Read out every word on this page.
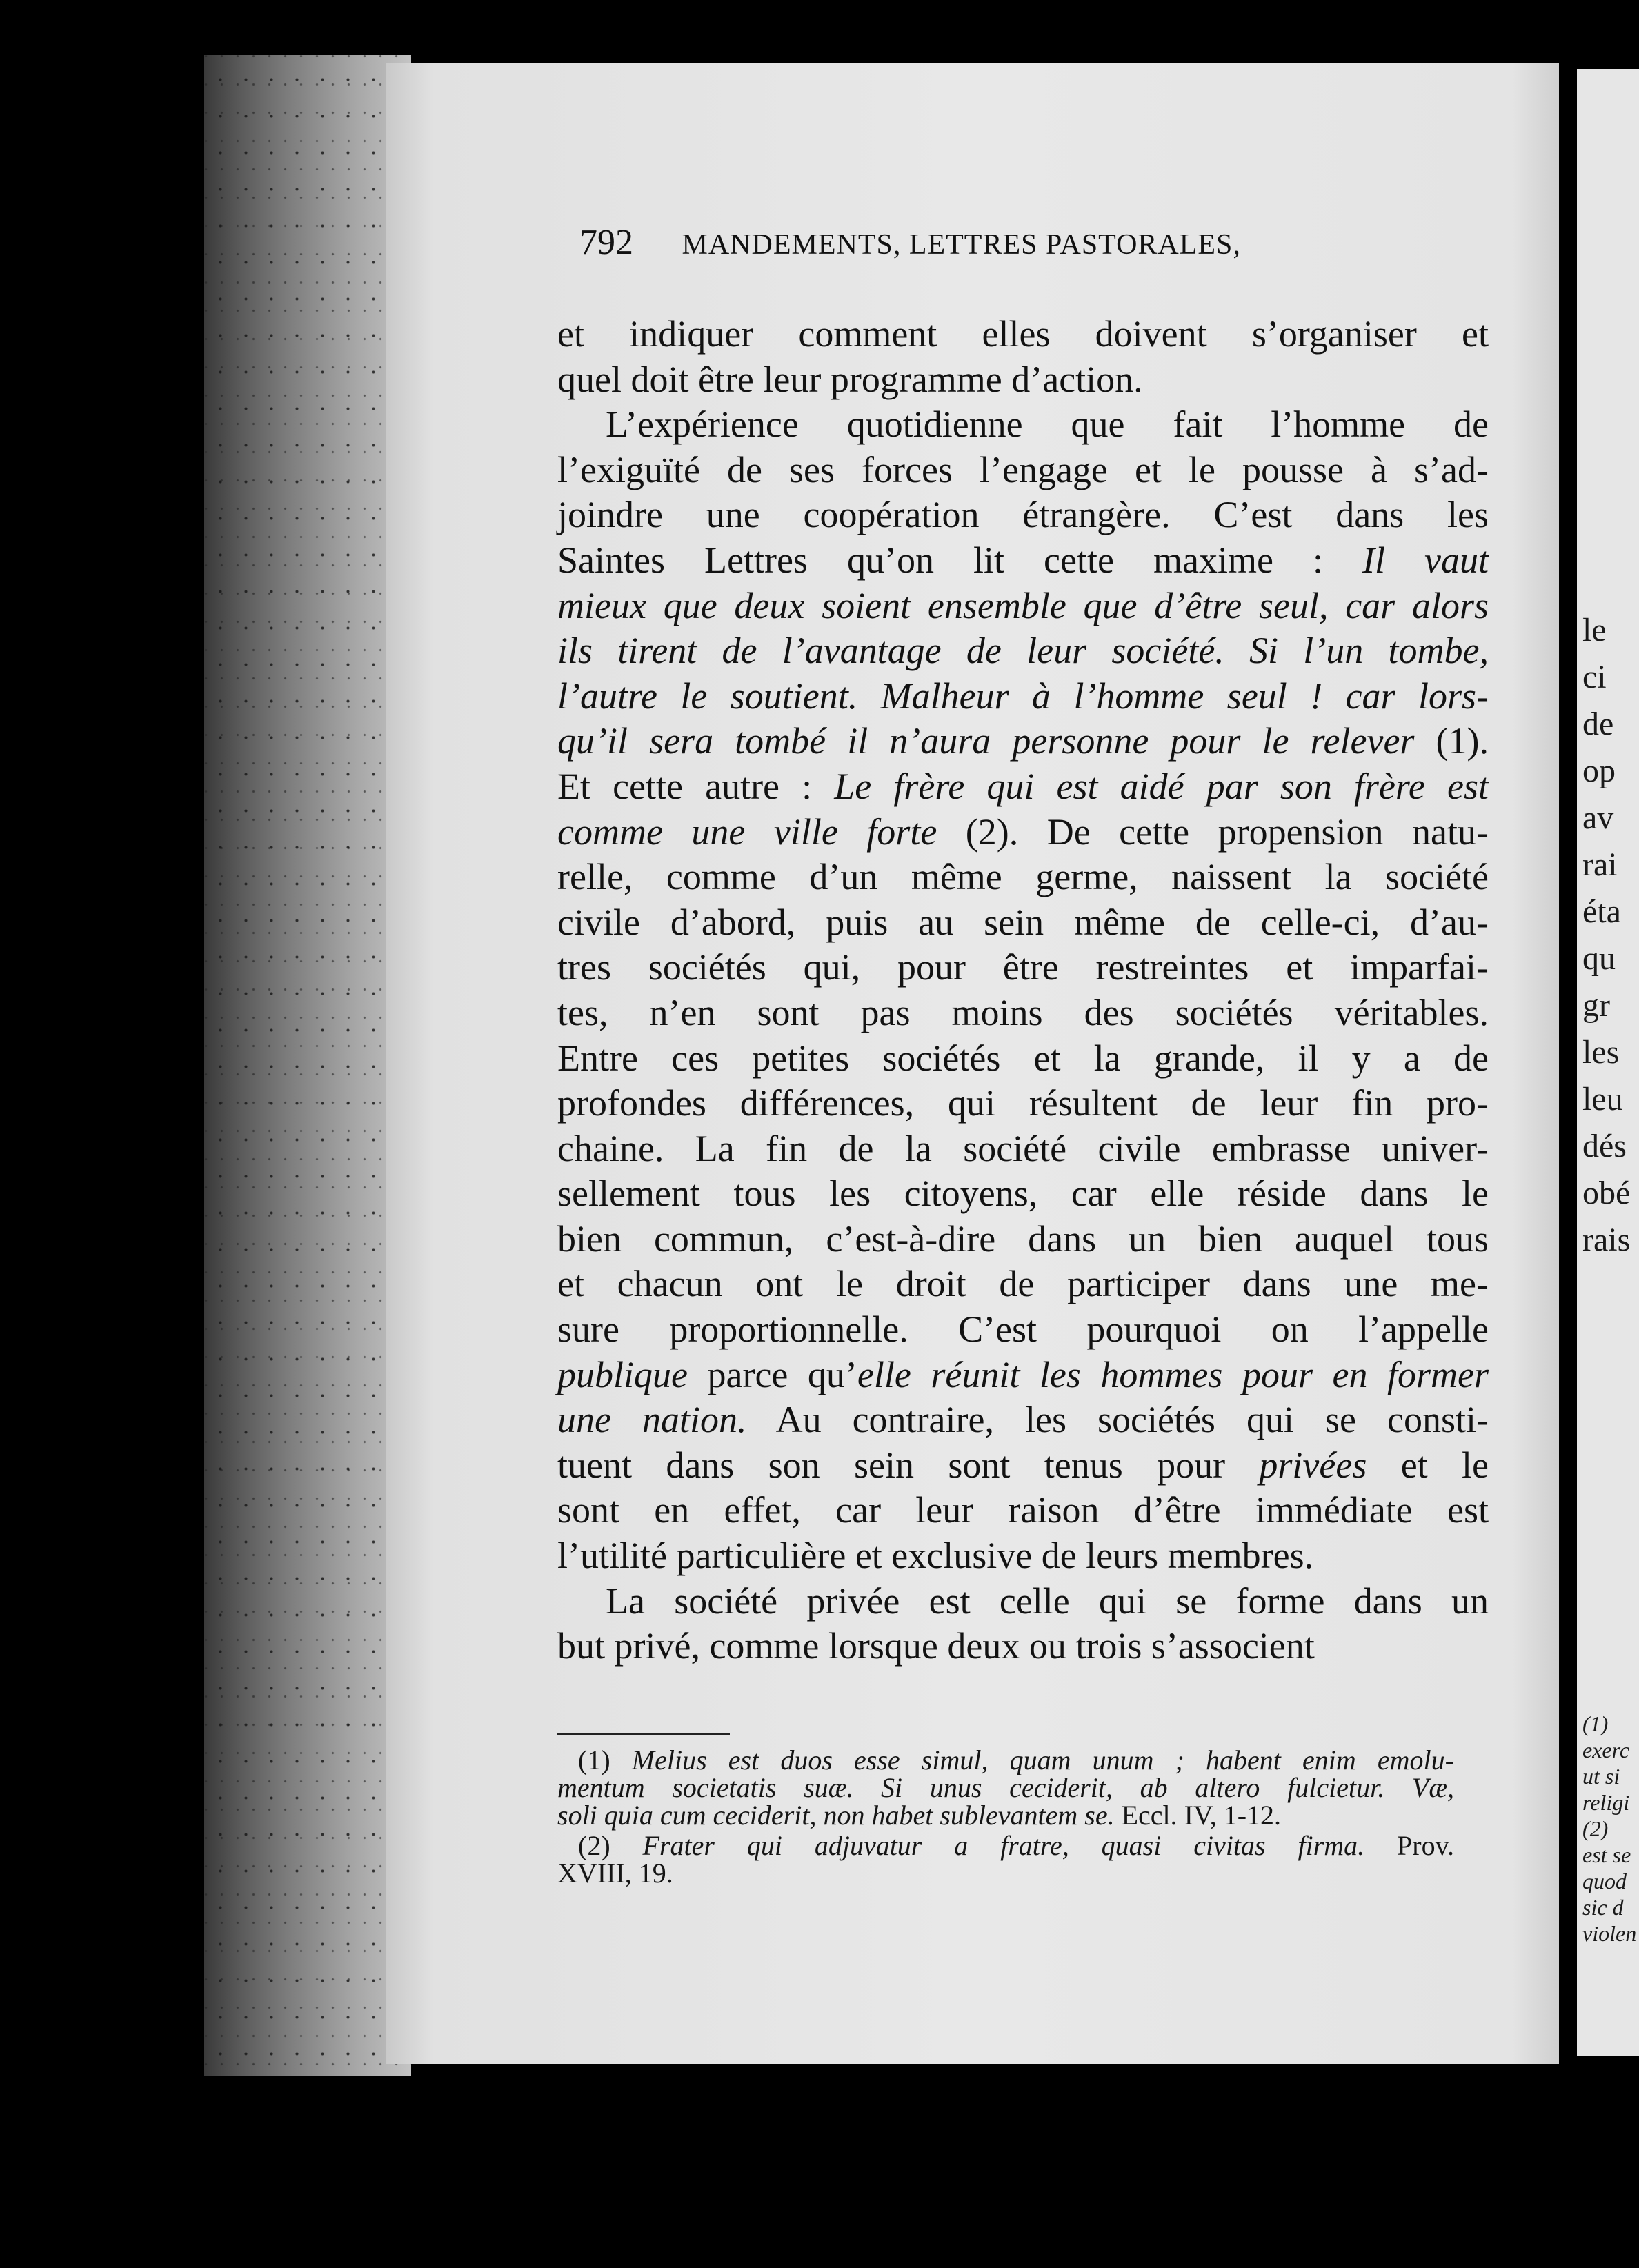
le
ci
de
op
av
rai
éta
qu
gr
les
leu
dés
obé
rais
(1)
exerc
ut si
religi
(2)
est se
quod
sic d
violen
792 MANDEMENTS, LETTRES PASTORALES,
et indiquer comment elles doivent s’organiser et
quel doit être leur programme d’action.
L’expérience quotidienne que fait l’homme de
l’exiguïté de ses forces l’engage et le pousse à s’ad-
joindre une coopération étrangère. C’est dans les
Saintes Lettres qu’on lit cette maxime : Il vaut
mieux que deux soient ensemble que d’être seul, car alors
ils tirent de l’avantage de leur société. Si l’un tombe,
l’autre le soutient. Malheur à l’homme seul ! car lors-
qu’il sera tombé il n’aura personne pour le relever (1).
Et cette autre : Le frère qui est aidé par son frère est
comme une ville forte (2). De cette propension natu-
relle, comme d’un même germe, naissent la société
civile d’abord, puis au sein même de celle-ci, d’au-
tres sociétés qui, pour être restreintes et imparfai-
tes, n’en sont pas moins des sociétés véritables.
Entre ces petites sociétés et la grande, il y a de
profondes différences, qui résultent de leur fin pro-
chaine. La fin de la société civile embrasse univer-
sellement tous les citoyens, car elle réside dans le
bien commun, c’est-à-dire dans un bien auquel tous
et chacun ont le droit de participer dans une me-
sure proportionnelle. C’est pourquoi on l’appelle
publique parce qu’elle réunit les hommes pour en former
une nation. Au contraire, les sociétés qui se consti-
tuent dans son sein sont tenus pour privées et le
sont en effet, car leur raison d’être immédiate est
l’utilité particulière et exclusive de leurs membres.
La société privée est celle qui se forme dans un
but privé, comme lorsque deux ou trois s’associent
(1) Melius est duos esse simul, quam unum ; habent enim emolu-
mentum societatis suæ. Si unus ceciderit, ab altero fulcietur. Væ,
soli quia cum ceciderit, non habet sublevantem se. Eccl. IV, 1-12.
(2) Frater qui adjuvatur a fratre, quasi civitas firma. Prov.
XVIII, 19.
